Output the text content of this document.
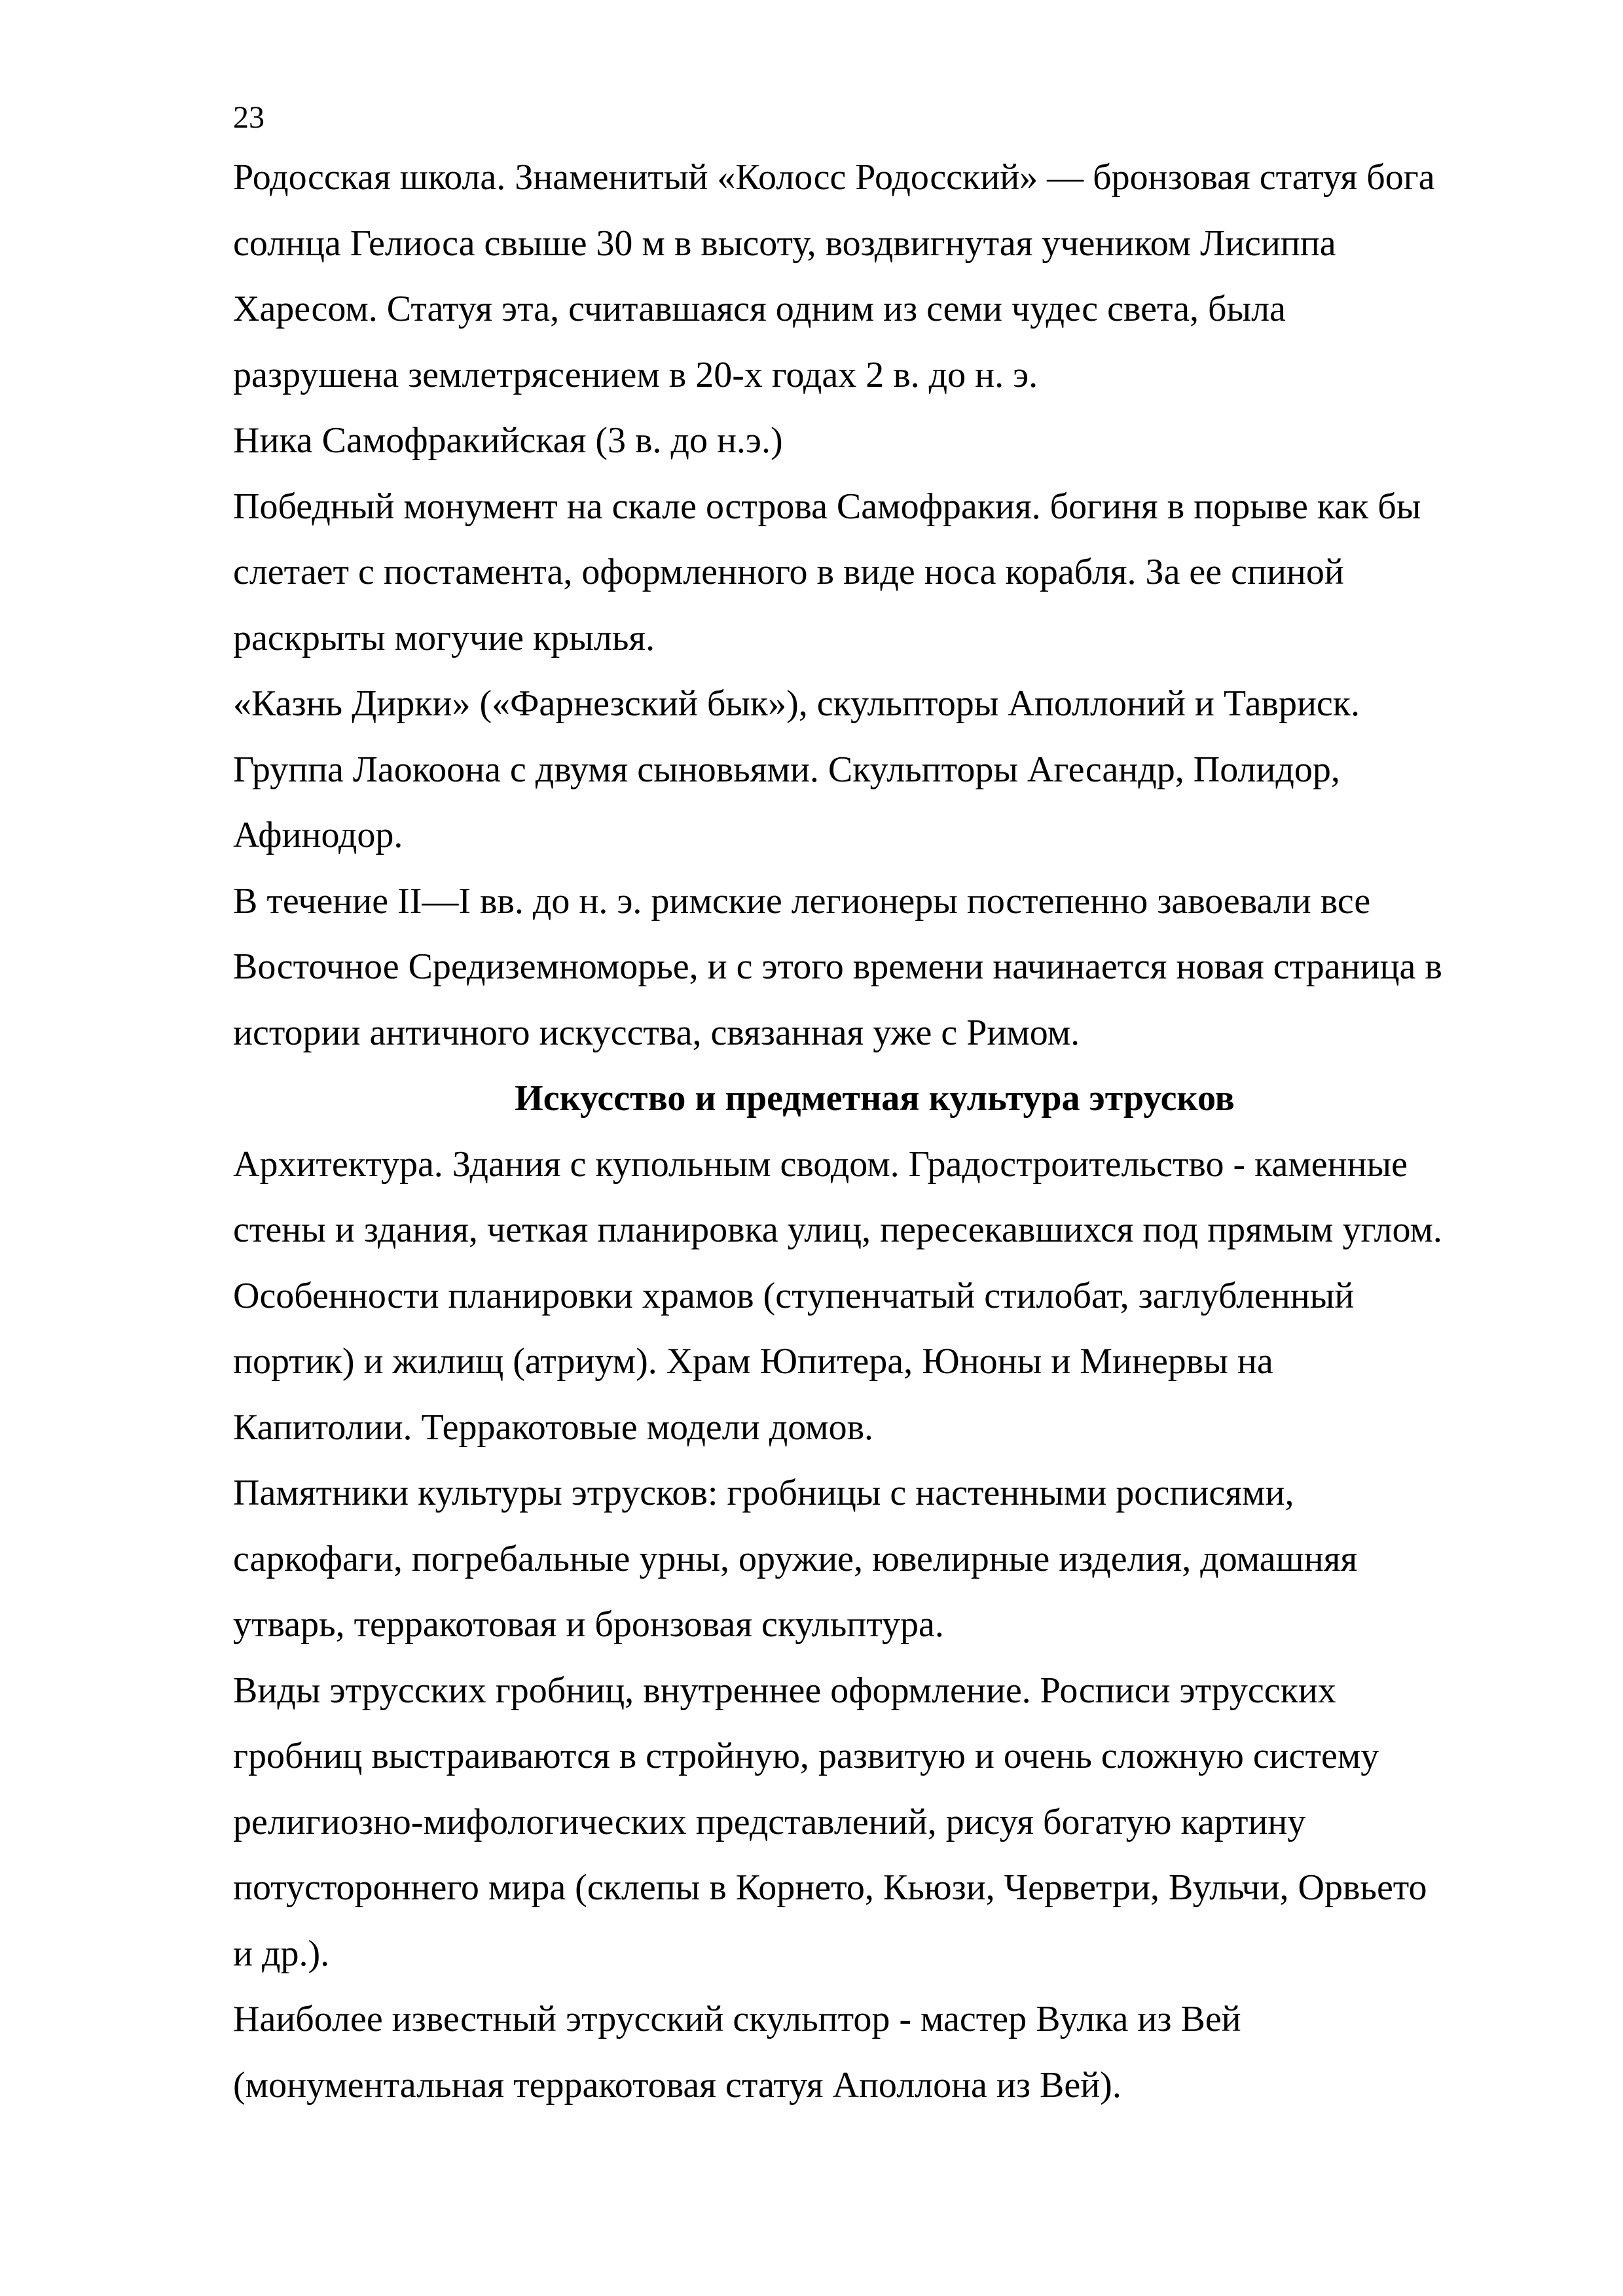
23
Родосская школа. Знаменитый «Колосс Родосский» — бронзовая статуя бога
солнца Гелиоса свыше 30 м в высоту, воздвигнутая учеником Лисиппа
Харесом. Статуя эта, считавшаяся одним из семи чудес света, была
разрушена землетрясением в 20-х годах 2 в. до н. э.
Ника Самофракийская (3 в. до н.э.)
Победный монумент на скале острова Самофракия. богиня в порыве как бы
слетает с постамента, оформленного в виде носа корабля. За ее спиной
раскрыты могучие крылья.
«Казнь Дирки» («Фарнезский бык»), скульпторы Аполлоний и Тавриск.
Группа Лаокоона с двумя сыновьями. Скульпторы Агесандр, Полидор,
Афинодор.
В течение II—I вв. до н. э. римские легионеры постепенно завоевали все
Восточное Средиземноморье, и с этого времени начинается новая страница в
истории античного искусства, связанная уже с Римом.
Искусство и предметная культура этрусков
Архитектура. Здания с купольным сводом. Градостроительство - каменные
стены и здания, четкая планировка улиц, пересекавшихся под прямым углом.
Особенности планировки храмов (ступенчатый стилобат, заглубленный
портик) и жилищ (атриум). Храм Юпитера, Юноны и Минервы на
Капитолии. Терракотовые модели домов.
Памятники культуры этрусков: гробницы с настенными росписями,
саркофаги, погребальные урны, оружие, ювелирные изделия, домашняя
утварь, терракотовая и бронзовая скульптура.
Виды этрусских гробниц, внутреннее оформление. Росписи этрусских
гробниц выстраиваются в стройную, развитую и очень сложную систему
религиозно-мифологических представлений, рисуя богатую картину
потустороннего мира (склепы в Корнето, Кьюзи, Черветри, Вульчи, Орвьето
и др.).
Наиболее известный этрусский скульптор - мастер Вулка из Вей
(монументальная терракотовая статуя Аполлона из Вей).
